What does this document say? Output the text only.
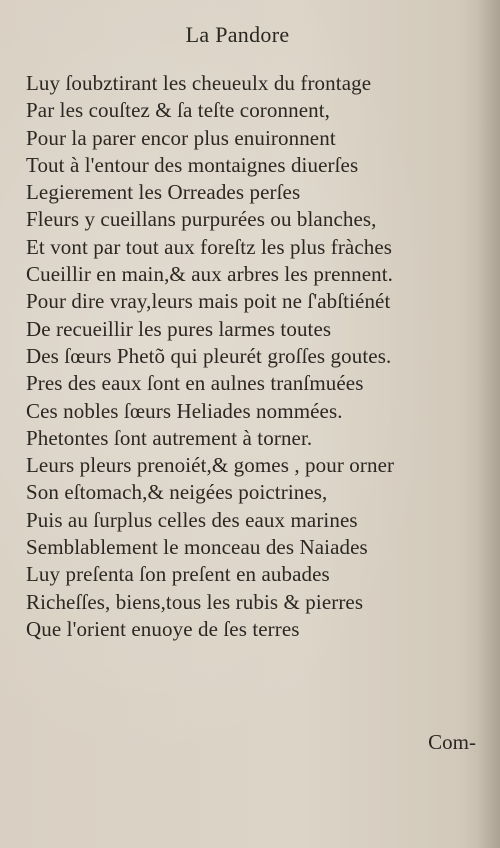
La Pandore
Luy ſoubztirant les cheueulx du frontage
Par les couſtez & ſa teſte coronnent,
Pour la parer encor plus enuironnent
Tout à l'entour des montaignes diuerſes
Legierement les Orreades perſes
Fleurs y cueillans purpurées ou blanches,
Et vont par tout aux foreſtz les plus fràches
Cueillir en main,& aux arbres les prennent.
Pour dire vray,leurs mais poit ne ſ'abſtiénét
De recueillir les pures larmes toutes
Des ſœurs Phetõ qui pleurét groſſes goutes.
Pres des eaux ſont en aulnes tranſmuées
Ces nobles ſœurs Heliades nommées.
Phetontes ſont autrement à torner.
Leurs pleurs prenoiét,& gomes , pour orner
Son eſtomach,& neigées poictrines,
Puis au ſurplus celles des eaux marines
Semblablement le monceau des Naiades
Luy preſenta ſon preſent en aubades
Richeſſes, biens,tous les rubis & pierres
Que l'orient enuoye de ſes terres
Com-
